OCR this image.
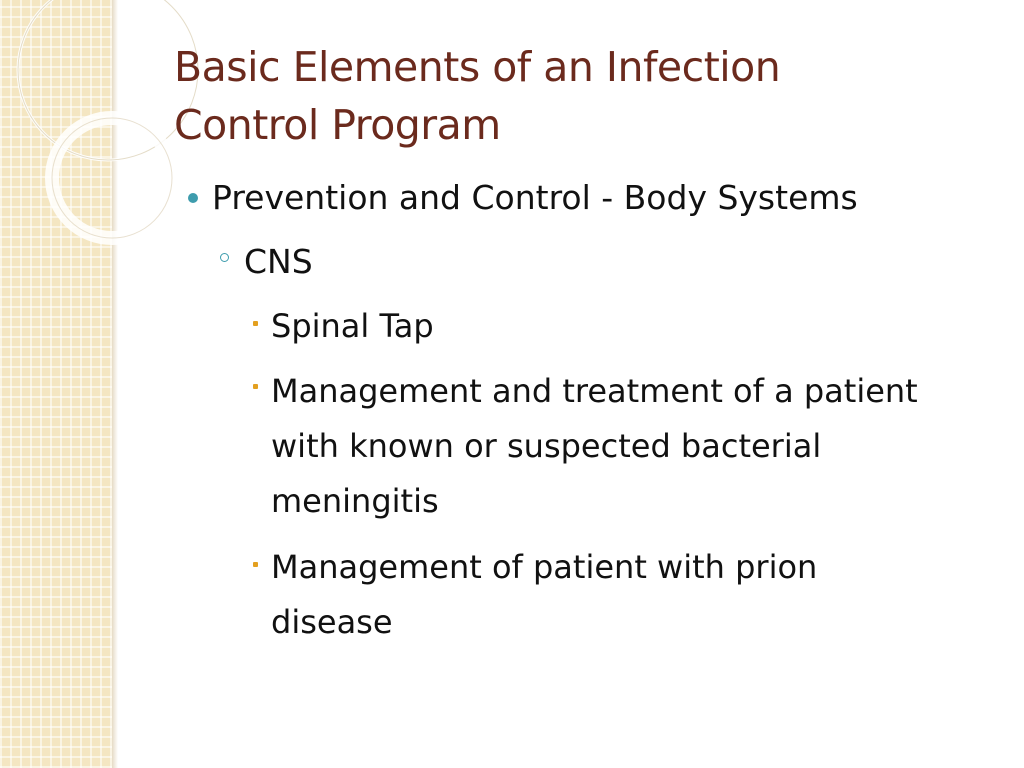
Basic Elements of an Infection
Control Program
Prevention and Control - Body Systems
CNS
Spinal Tap
Management and treatment of a patient with known or suspected bacterial meningitis
Management of patient with prion disease
